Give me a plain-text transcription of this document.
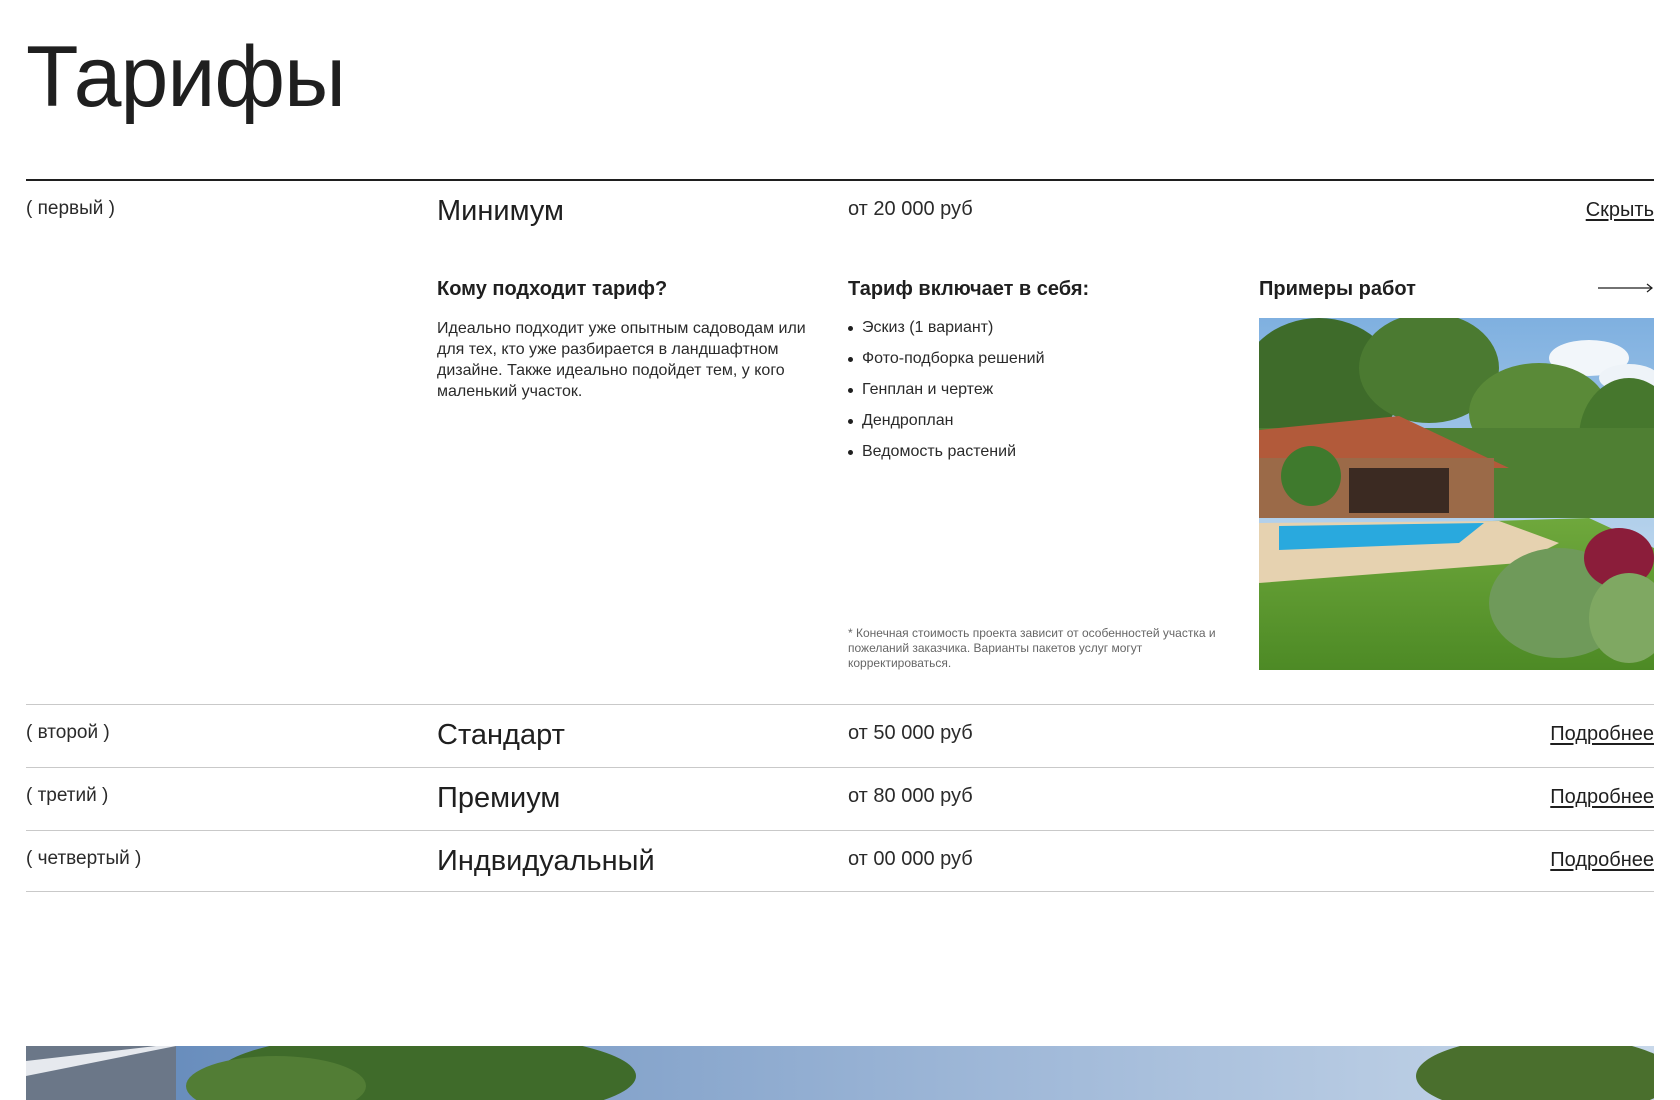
Тарифы
( первый )	Минимум	от 20 000 руб	Скрыть
Кому подходит тариф?

Идеально подходит уже опытным садоводам или для тех, кто уже разбирается в ландшафтном дизайне. Также идеально подойдет тем, у кого маленький участок.

Тариф включает в себя:
Эскиз (1 вариант)
Фото-подборка решений
Генплан и чертеж
Дендроплан
Ведомость растений

* Конечная стоимость проекта зависит от особенностей участка и пожеланий заказчика. Варианты пакетов услуг могут корректироваться.

Примеры работ
( второй )	Стандарт	от 50 000 руб	Подробнее
( третий )	Премиум	от 80 000 руб	Подробнее
( четвертый )	Индвидуальный	от 00 000 руб	Подробнее
